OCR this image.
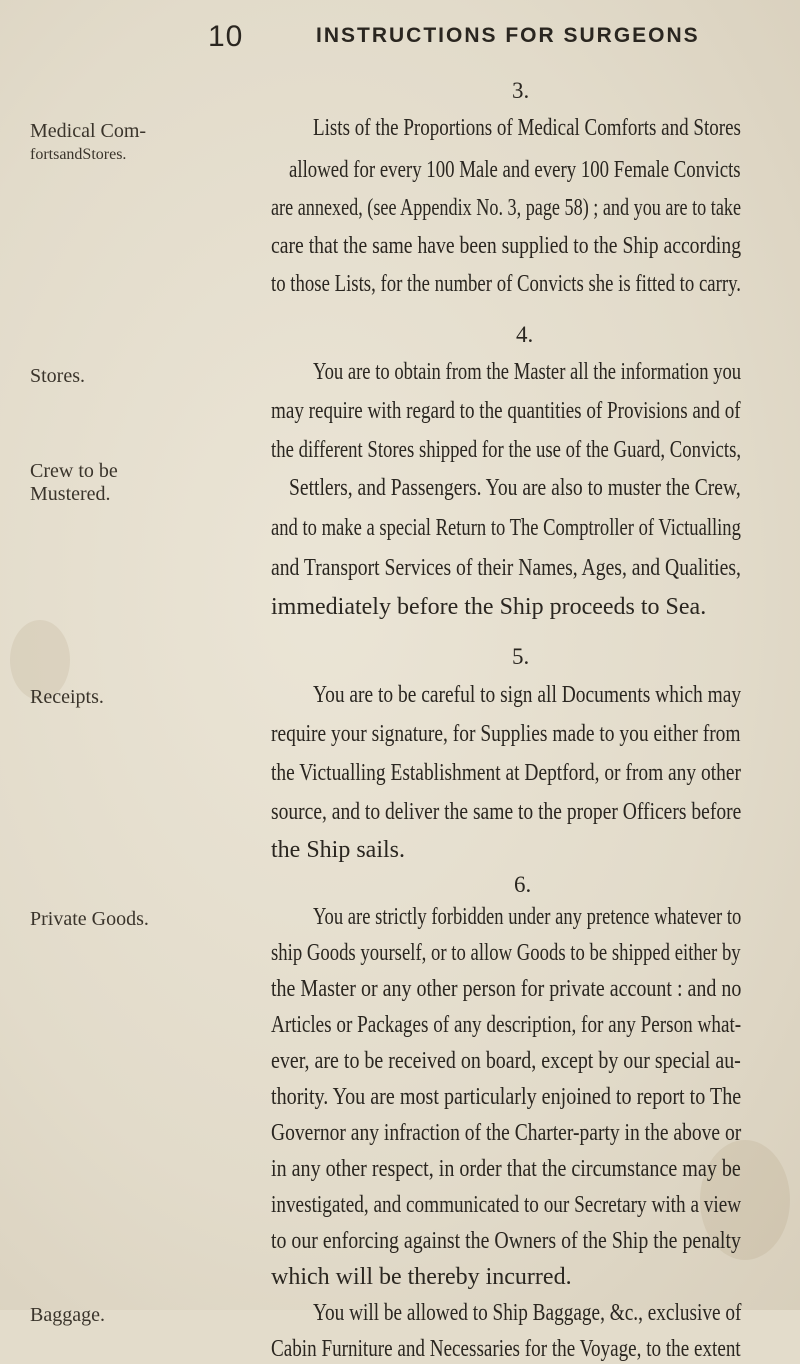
10	INSTRUCTIONS FOR SURGEONS
3.
Medical Com-
fortsandStores.
Lists of the Proportions of Medical Comforts and Stores
allowed for every 100 Male and every 100 Female Convicts
are annexed, (see Appendix No. 3, page 58) ; and you are to take
care that the same have been supplied to the Ship according
to those Lists, for the number of Convicts she is fitted to carry.
4.
Stores.
Crew to be
Mustered.
You are to obtain from the Master all the information you
may require with regard to the quantities of Provisions and of
the different Stores shipped for the use of the Guard, Convicts,
Settlers, and Passengers. You are also to muster the Crew,
and to make a special Return to The Comptroller of Victualling
and Transport Services of their Names, Ages, and Qualities,
immediately before the Ship proceeds to Sea.
5.
Receipts.	You are to be careful to sign all Documents which may
require your signature, for Supplies made to you either from
the Victualling Establishment at Deptford, or from any other
source, and to deliver the same to the proper Officers before
the Ship sails.
6.
Private Goods.	You are strictly forbidden under any pretence whatever to
ship Goods yourself, or to allow Goods to be shipped either by
the Master or any other person for private account : and no
Articles or Packages of any description, for any Person what-
ever, are to be received on board, except by our special au-
thority. You are most particularly enjoined to report to The
Governor any infraction of the Charter-party in the above or
in any other respect, in order that the circumstance may be
investigated, and communicated to our Secretary with a view
to our enforcing against the Owners of the Ship the penalty
which will be thereby incurred.
Baggage.	You will be allowed to Ship Baggage, &c., exclusive of
Cabin Furniture and Necessaries for the Voyage, to the extent
